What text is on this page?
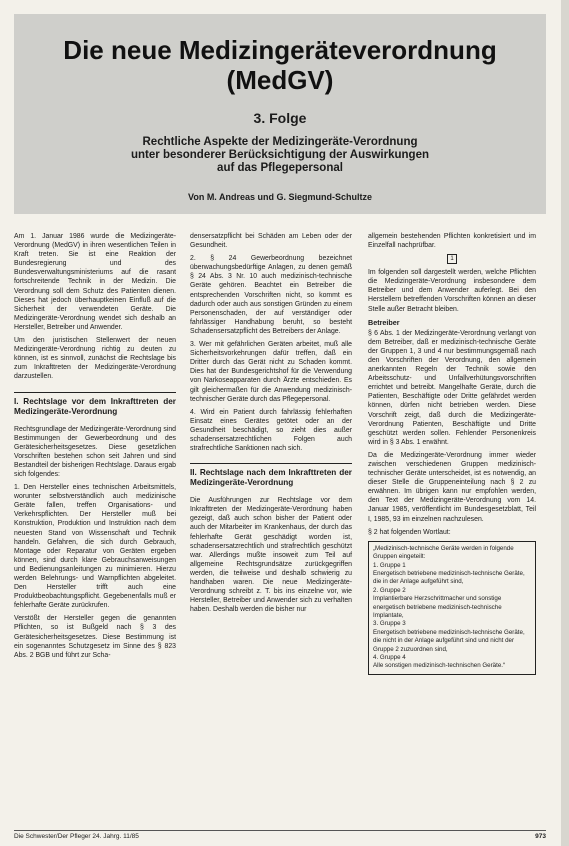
Die neue Medizingeräteverordnung
(MedGV)
3. Folge
Rechtliche Aspekte der Medizingeräte-Verordnung
unter besonderer Berücksichtigung der Auswirkungen
auf das Pflegepersonal
Von M. Andreas und G. Siegmund-Schultze

Am 1. Januar 1986 wurde die Medizingeräte-Verordnung (MedGV) in ihren wesentlichen Teilen in Kraft treten. Sie ist eine Reaktion der Bundesregierung und des Bundesverwaltungsministeriums auf die rasant fortschreitende Technik in der Medizin. Die Verordnung soll dem Schutz des Patienten dienen. Dieses hat jedoch überhauptkeinen Einfluß auf die Sicherheit der verwendeten Geräte. Die Medizingeräte-Verordnung wendet sich deshalb an Hersteller, Betreiber und Anwender.

Um den juristischen Stellenwert der neuen Medizingeräte-Verordnung richtig zu deuten zu können, ist es sinnvoll, zunächst die Rechtslage bis zum Inkrafttreten der Medizingeräte-Verordnung darzustellen.

I. Rechtslage vor dem Inkrafttreten der Medizingeräte-Verordnung

Rechtsgrundlage der Medizingeräte-Verordnung sind Bestimmungen der Gewerbeordnung und des Gerätesicherheitsgesetzes. Diese gesetzlichen Vorschriften bestehen schon seit Jahren und sind Bestandteil der bisherigen Rechtslage. Daraus ergab sich folgendes:

1. Den Hersteller eines technischen Arbeitsmittels, worunter selbstverständlich auch medizinische Geräte fallen, treffen Organisations- und Verkehrspflichten. Der Hersteller muß bei Konstruktion, Produktion und Instruktion nach dem neuesten Stand von Wissenschaft und Technik handeln. Gefahren, die sich durch Gebrauch, Montage oder Reparatur von Geräten ergeben können, sind durch klare Gebrauchsanweisungen und Bedienungsanleitungen zu minimieren. Hierzu werden Belehrungs- und Warnpflichten abgeleitet. Den Hersteller trifft auch eine Produktbeobachtungspflicht. Gegebenenfalls muß er fehlerhafte Geräte zurückrufen.

Verstößt der Hersteller gegen die genannten Pflichten, so ist Bußgeld nach § 3 des Gerätesicherheitsgesetzes. Diese Bestimmung ist ein sogenanntes Schutzgesetz im Sinne des § 823 Abs. 2 BGB und führt zur Scha-

densersatzpflicht bei Schäden am Leben oder der Gesundheit.

2. § 24 Gewerbeordnung bezeichnet überwachungsbedürftige Anlagen, zu denen gemäß § 24 Abs. 3 Nr. 10 auch medizinisch-technische Geräte gehören. Beachtet ein Betreiber die entsprechenden Vorschriften nicht, so kommt es dadurch oder auch aus sonstigen Gründen zu einem Personenschaden, der auf verständiger oder fahrlässiger Handhabung beruht, so besteht Schadensersatzpflicht des Betreibers der Anlage.

3. Wer mit gefährlichen Geräten arbeitet, muß alle Sicherheitsvorkehrungen dafür treffen, daß ein Dritter durch das Gerät nicht zu Schaden kommt. Dies hat der Bundesgerichtshof für die Verwendung von Narkoseapparaten durch Ärzte entschieden. Es gilt gleichermaßen für die Anwendung medizinisch-technischer Geräte durch das Pflegepersonal.

4. Wird ein Patient durch fahrlässig fehlerhaften Einsatz eines Gerätes getötet oder an der Gesundheit beschädigt, so zieht dies außer schadensersatzrechtlichen Folgen auch strafrechtliche Sanktionen nach sich.

II. Rechtslage nach dem Inkrafttreten der Medizingeräte-Verordnung

Die Ausführungen zur Rechtslage vor dem Inkrafttreten der Medizingeräte-Verordnung haben gezeigt, daß auch schon bisher der Patient oder auch der Mitarbeiter im Krankenhaus, der durch das fehlerhafte Gerät geschädigt worden ist, schadensersatzrechtlich und strafrechtlich geschützt war. Allerdings mußte insoweit zum Teil auf allgemeine Rechtsgrundsätze zurückgegriffen werden, die teilweise und deshalb schwierig zu handhaben waren. Die neue Medizingeräte-Verordnung schreibt z. T. bis ins einzelne vor, wie Hersteller, Betreiber und Anwender sich zu verhalten haben. Deshalb werden die bisher nur

allgemein bestehenden Pflichten konkretisiert und im Einzelfall nachprüfbar.

1

Im folgenden soll dargestellt werden, welche Pflichten die Medizingeräte-Verordnung insbesondere dem Betreiber und dem Anwender auferlegt. Bei den Herstellern betreffenden Vorschriften können an dieser Stelle außer Betracht bleiben.

Betreiber

§ 6 Abs. 1 der Medizingeräte-Verordnung verlangt von dem Betreiber, daß er medizinisch-technische Geräte der Gruppen 1, 3 und 4 nur bestimmungsgemäß nach den Vorschriften der Verordnung, den allgemein anerkannten Regeln der Technik sowie den Arbeitsschutz- und Unfallverhütungsvorschriften errichtet und betreibt. Mangelhafte Geräte, durch die Patienten, Beschäftigte oder Dritte gefährdet werden können, dürfen nicht betrieben werden. Diese Vorschrift zeigt, daß durch die Medizingeräte-Verordnung Patienten, Beschäftigte und Dritte geschützt werden sollen. Fehlender Personenkreis wird in § 3 Abs. 1 erwähnt.

Da die Medizingeräte-Verordnung immer wieder zwischen verschiedenen Gruppen medizinisch-technischer Geräte unterscheidet, ist es notwendig, an dieser Stelle die Gruppeneinteilung nach § 2 zu erwähnen. Im übrigen kann nur empfohlen werden, den Text der Medizingeräte-Verordnung vom 14. Januar 1985, veröffentlicht im Bundesgesetzblatt, Teil I, 1985, 93 im einzelnen nachzulesen.

§ 2 hat folgenden Wortlaut:

„Medizinisch-technische Geräte werden in folgende Gruppen eingeteilt:
1. Gruppe 1
Energetisch betriebene medizinisch-technische Geräte, die in der Anlage aufgeführt sind,
2. Gruppe 2
Implantierbare Herzschrittmacher und sonstige energetisch betriebene medizinisch-technische Implantate,
3. Gruppe 3
Energetisch betriebene medizinisch-technische Geräte, die nicht in der Anlage aufgeführt sind und nicht der Gruppe 2 zuzuordnen sind,
4. Gruppe 4
Alle sonstigen medizinisch-technischen Geräte.“
Die Schwester/Der Pfleger 24. Jahrg. 11/85	973
